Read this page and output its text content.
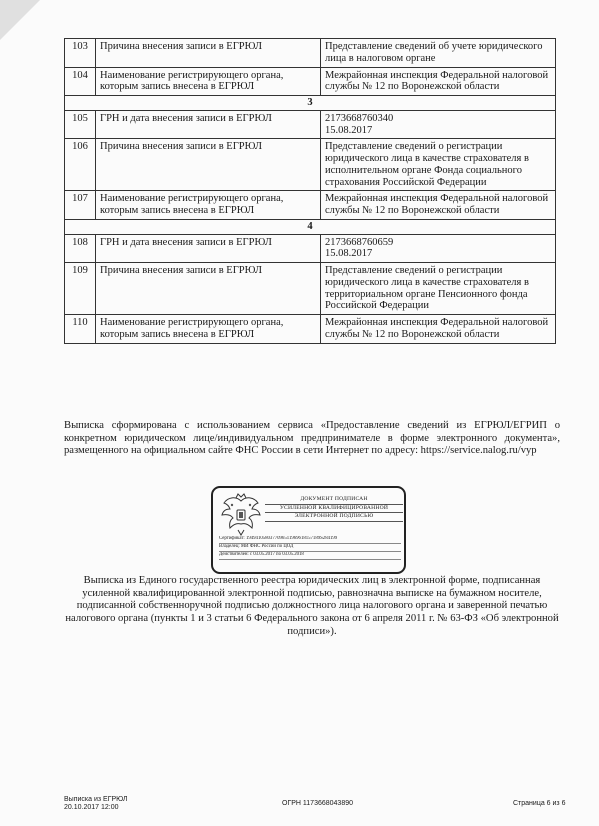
103	Причина внесения записи в ЕГРЮЛ	Представление сведений об учете юридического лица в налоговом органе
104	Наименование регистрирующего органа, которым запись внесена в ЕГРЮЛ	Межрайонная инспекция Федеральной налоговой службы № 12 по Воронежской области
3		
105	ГРН и дата внесения записи в ЕГРЮЛ	2173668760340
15.08.2017
106	Причина внесения записи в ЕГРЮЛ	Представление сведений о регистрации юридического лица в качестве страхователя в исполнительном органе Фонда социального страхования Российской Федерации
107	Наименование регистрирующего органа, которым запись внесена в ЕГРЮЛ	Межрайонная инспекция Федеральной налоговой службы № 12 по Воронежской области
4		
108	ГРН и дата внесения записи в ЕГРЮЛ	2173668760659
15.08.2017
109	Причина внесения записи в ЕГРЮЛ	Представление сведений о регистрации юридического лица в качестве страхователя в территориальном органе Пенсионного фонда Российской Федерации
110	Наименование регистрирующего органа, которым запись внесена в ЕГРЮЛ	Межрайонная инспекция Федеральной налоговой службы № 12 по Воронежской области
Выписка сформирована с использованием сервиса «Предоставление сведений из ЕГРЮЛ/ЕГРИП о конкретном юридическом лице/индивидуальном предпринимателе в форме электронного документа», размещенного на официальном сайте ФНС России в сети Интернет по адресу: https://service.nalog.ru/vyp
ДОКУМЕНТ ПОДПИСАН
УСИЛЕННОЙ КВАЛИФИЦИРОВАННОЙ
ЭЛЕКТРОННОЙ ПОДПИСЬЮ
Сертификат: 1949410580377096511969618157189S284199
Владелец: МИ ФНС России по ЦОД
Действителен: с 03.05.2017 по 03.05.2018
Выписка из Единого государственного реестра юридических лиц в электронной форме, подписанная усиленной квалифицированной электронной подписью, равнозначна выписке на бумажном носителе, подписанной собственноручной подписью должностного лица налогового органа и заверенной печатью налогового органа (пункты 1 и 3 статьи 6 Федерального закона от 6 апреля 2011 г. № 63-ФЗ «Об электронной подписи»).
Выписка из ЕГРЮЛ
20.10.2017 12:00
ОГРН 1173668043890	Страница 6 из 6
